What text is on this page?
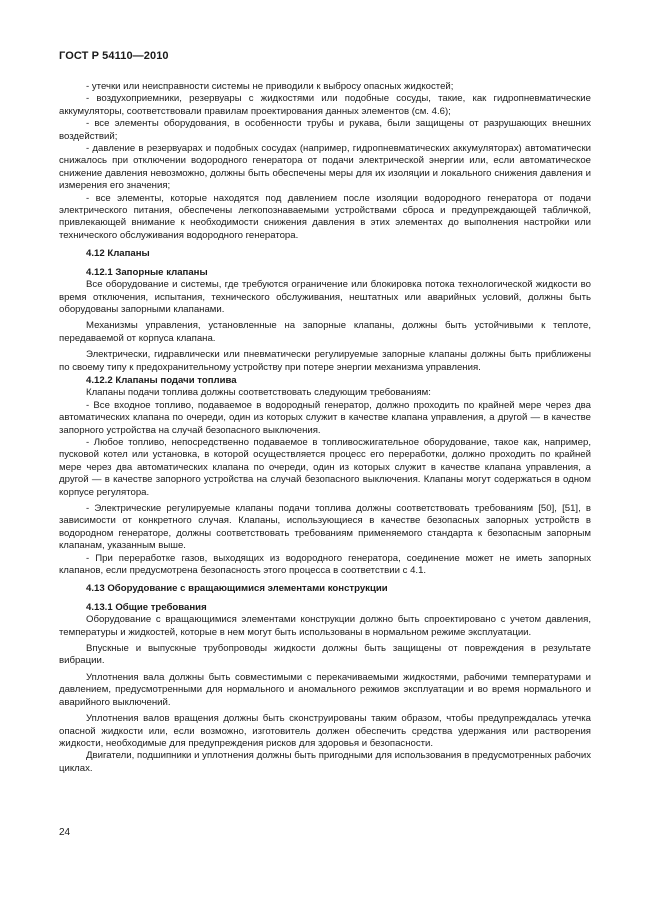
ГОСТ Р 54110—2010

- утечки или неисправности системы не приводили к выбросу опасных жидкостей;

- воздухоприемники, резервуары с жидкостями или подобные сосуды, такие, как гидропневматические аккумуляторы, соответствовали правилам проектирования данных элементов (см. 4.6);

- все элементы оборудования, в особенности трубы и рукава, были защищены от разрушающих внешних воздействий;

- давление в резервуарах и подобных сосудах (например, гидропневматических аккумуляторах) автоматически снижалось при отключении водородного генератора от подачи электрической энергии или, если автоматическое снижение давления невозможно, должны быть обеспечены меры для их изоляции и локального снижения давления и измерения его значения;

- все элементы, которые находятся под давлением после изоляции водородного генератора от подачи электрического питания, обеспечены легкопознаваемыми устройствами сброса и предупреждающей табличкой, привлекающей внимание к необходимости снижения давления в этих элементах до выполнения настройки или технического обслуживания водородного генератора.

4.12 Клапаны
4.12.1 Запорные клапаны

Все оборудование и системы, где требуются ограничение или блокировка потока технологической жидкости во время отключения, испытания, технического обслуживания, нештатных или аварийных условий, должны быть оборудованы запорными клапанами.

Механизмы управления, установленные на запорные клапаны, должны быть устойчивыми к теплоте, передаваемой от корпуса клапана.

Электрически, гидравлически или пневматически регулируемые запорные клапаны должны быть приближены по своему типу к предохранительному устройству при потере энергии механизма управления.

4.12.2 Клапаны подачи топлива

Клапаны подачи топлива должны соответствовать следующим требованиям:

- Все входное топливо, подаваемое в водородный генератор, должно проходить по крайней мере через два автоматических клапана по очереди, один из которых служит в качестве клапана управления, а другой — в качестве запорного устройства на случай безопасного выключения.

- Любое топливо, непосредственно подаваемое в топливосжигательное оборудование, такое как, например, пусковой котел или установка, в которой осуществляется процесс его переработки, должно проходить по крайней мере через два автоматических клапана по очереди, один из которых служит в качестве клапана управления, а другой — в качестве запорного устройства на случай безопасного выключения. Клапаны могут содержаться в одном корпусе регулятора.

- Электрические регулируемые клапаны подачи топлива должны соответствовать требованиям [50], [51], в зависимости от конкретного случая. Клапаны, использующиеся в качестве безопасных запорных устройств в водородном генераторе, должны соответствовать требованиям применяемого стандарта к безопасным запорным клапанам, указанным выше.

- При переработке газов, выходящих из водородного генератора, соединение может не иметь запорных клапанов, если предусмотрена безопасность этого процесса в соответствии с 4.1.

4.13 Оборудование с вращающимися элементами конструкции
4.13.1 Общие требования

Оборудование с вращающимися элементами конструкции должно быть спроектировано с учетом давления, температуры и жидкостей, которые в нем могут быть использованы в нормальном режиме эксплуатации.

Впускные и выпускные трубопроводы жидкости должны быть защищены от повреждения в результате вибрации.

Уплотнения вала должны быть совместимыми с перекачиваемыми жидкостями, рабочими температурами и давлением, предусмотренными для нормального и аномального режимов эксплуатации и во время нормального и аварийного выключений.

Уплотнения валов вращения должны быть сконструированы таким образом, чтобы предупреждалась утечка опасной жидкости или, если возможно, изготовитель должен обеспечить средства удержания или растворения жидкости, необходимые для предупреждения рисков для здоровья и безопасности.

Двигатели, подшипники и уплотнения должны быть пригодными для использования в предусмотренных рабочих циклах.

24
